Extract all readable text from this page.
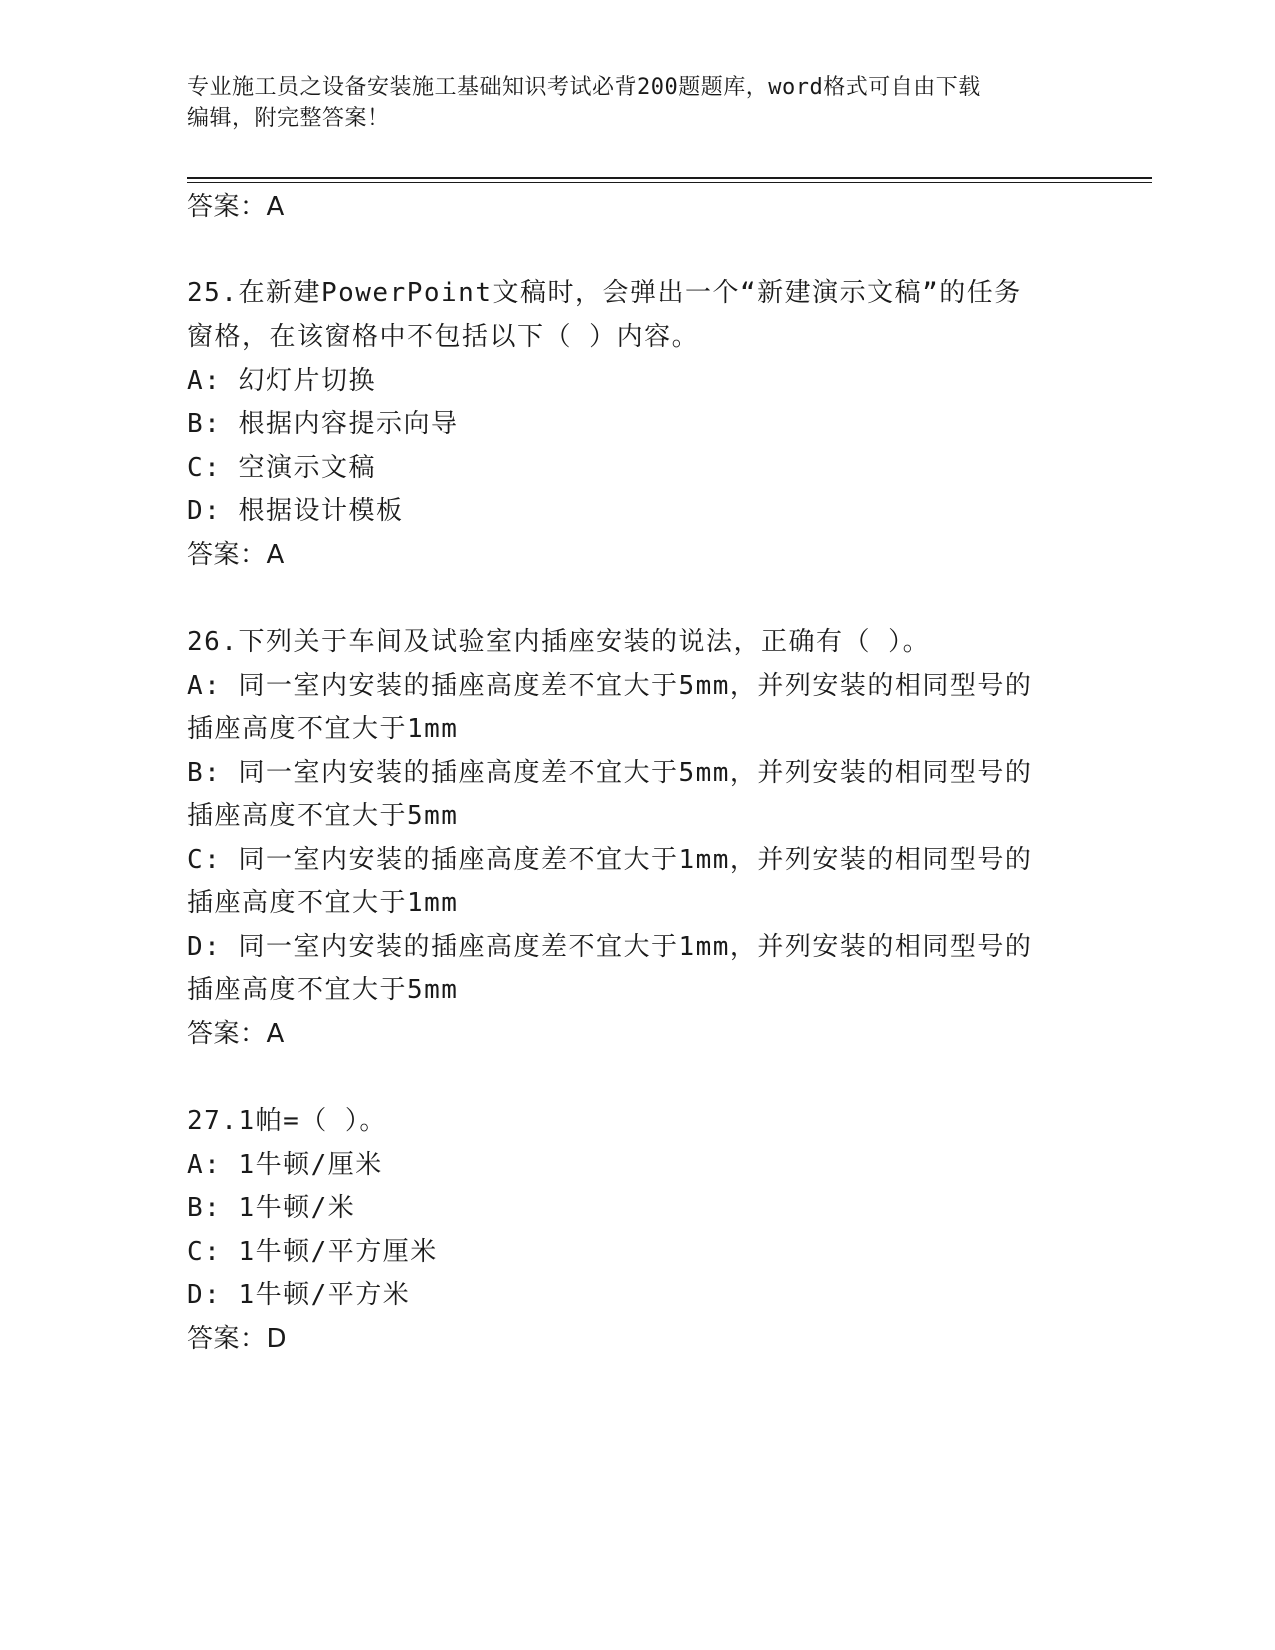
专业施工员之设备安装施工基础知识考试必背200题题库，word格式可自由下载
编辑，附完整答案！
答案：A
25.在新建PowerPoint文稿时，会弹出一个“新建演示文稿”的任务
窗格，在该窗格中不包括以下（ ）内容。
A: 幻灯片切换
B: 根据内容提示向导
C: 空演示文稿
D: 根据设计模板
答案：A
26.下列关于车间及试验室内插座安装的说法，正确有（ ）。
A: 同一室内安装的插座高度差不宜大于5mm，并列安装的相同型号的
插座高度不宜大于1mm
B: 同一室内安装的插座高度差不宜大于5mm，并列安装的相同型号的
插座高度不宜大于5mm
C: 同一室内安装的插座高度差不宜大于1mm，并列安装的相同型号的
插座高度不宜大于1mm
D: 同一室内安装的插座高度差不宜大于1mm，并列安装的相同型号的
插座高度不宜大于5mm
答案：A
27.1帕=（ ）。
A: 1牛顿/厘米
B: 1牛顿/米
C: 1牛顿/平方厘米
D: 1牛顿/平方米
答案：D
